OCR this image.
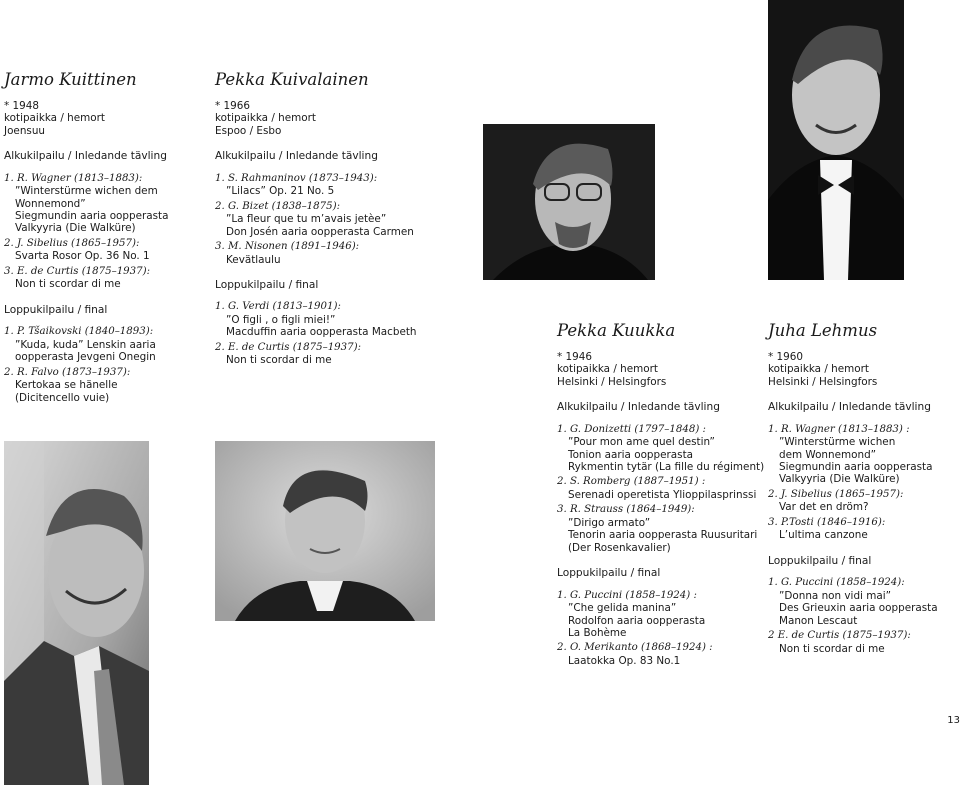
Jarmo Kuittinen
* 1948
kotipaikka / hemort
Joensuu
Alkukilpailu / Inledande tävling
1. R. Wagner (1813–1883):
”Winterstürme wichen dem
Wonnemond”
Siegmundin aaria oopperasta
Valkyyria (Die Walküre)
2. J. Sibelius (1865–1957):
Svarta Rosor Op. 36 No. 1
3. E. de Curtis (1875–1937):
Non ti scordar di me
Loppukilpailu / final
1. P. Tšaikovski (1840–1893):
”Kuda, kuda” Lenskin aaria
oopperasta Jevgeni Onegin
2. R. Falvo (1873–1937):
Kertokaa se hänelle
(Dicitencello vuie)
Pekka Kuivalainen
* 1966
kotipaikka / hemort
Espoo / Esbo
Alkukilpailu / Inledande tävling
1. S. Rahmaninov (1873–1943):
”Lilacs” Op. 21 No. 5
2. G. Bizet (1838–1875):
”La fleur que tu m’avais jetèe”
Don Josén aaria oopperasta Carmen
3. M. Nisonen (1891–1946):
Kevätlaulu
Loppukilpailu / final
1. G. Verdi (1813–1901):
”O figli , o figli miei!”
Macduffin aaria oopperasta Macbeth
2. E. de Curtis (1875–1937):
Non ti scordar di me
Pekka Kuukka
* 1946
kotipaikka / hemort
Helsinki / Helsingfors
Alkukilpailu / Inledande tävling
1. G. Donizetti (1797–1848) :
”Pour mon ame quel destin”
Tonion aaria oopperasta
Rykmentin tytär (La fille du régiment)
2. S. Romberg (1887–1951) :
Serenadi operetista Ylioppilasprinssi
3. R. Strauss (1864–1949):
”Dirigo armato”
Tenorin aaria oopperasta Ruusuritari
(Der Rosenkavalier)
Loppukilpailu / final
1. G. Puccini (1858–1924) :
”Che gelida manina”
Rodolfon aaria oopperasta
La Bohème
2. O. Merikanto (1868–1924) :
Laatokka Op. 83 No.1
Juha Lehmus
* 1960
kotipaikka / hemort
Helsinki / Helsingfors
Alkukilpailu / Inledande tävling
1. R. Wagner (1813–1883) :
”Winterstürme wichen
dem Wonnemond”
Siegmundin aaria oopperasta
Valkyyria (Die Walküre)
2. J. Sibelius (1865–1957):
Var det en dröm?
3. P.Tosti (1846–1916):
L’ultima canzone
Loppukilpailu / final
1. G. Puccini (1858–1924):
”Donna non vidi mai”
Des Grieuxin aaria oopperasta
Manon Lescaut
2 E. de Curtis (1875–1937):
Non ti scordar di me
13
